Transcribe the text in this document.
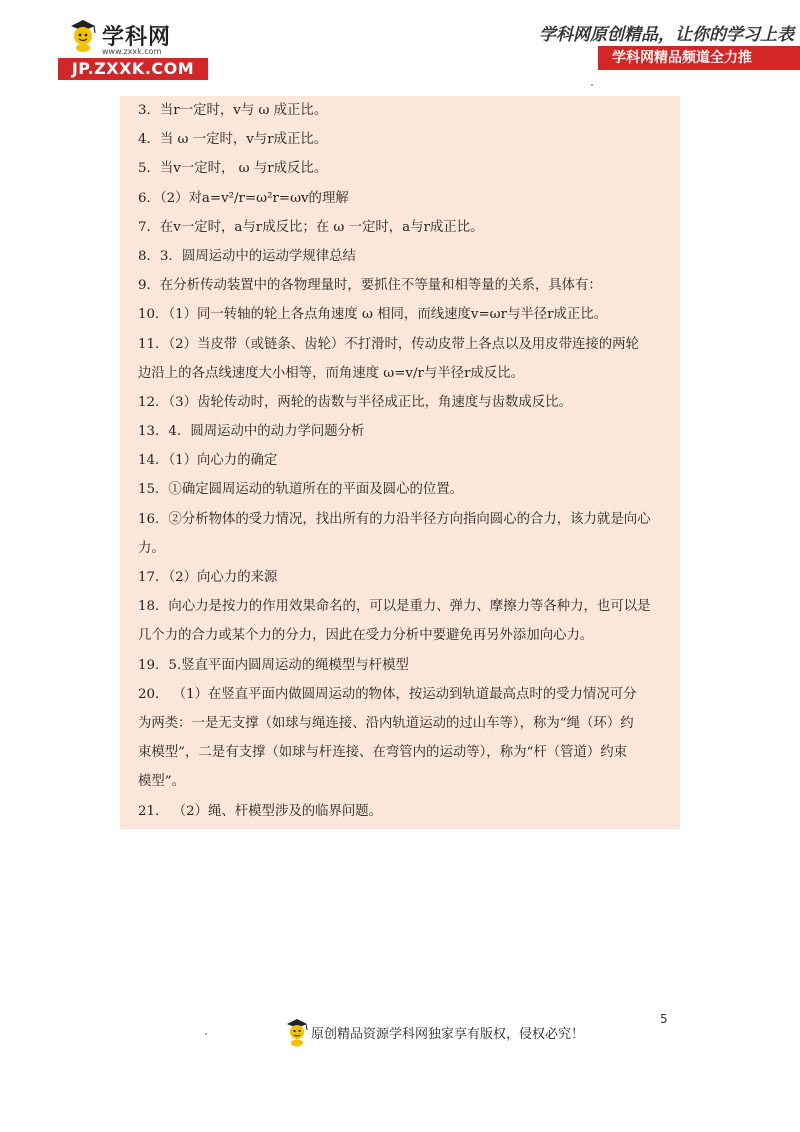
学科网
www.zxxk.com
JP.ZXXK.COM
学科网原创精品，让你的学习上表
学科网精品频道全力推
3．当r一定时，v与 ω 成正比。
4．当 ω 一定时，v与r成正比。
5．当v一定时， ω 与r成反比。
6．（2）对a=v²/r=ω²r=ωv的理解
7．在v一定时，a与r成反比；在 ω 一定时，a与r成正比。
8．3．圆周运动中的运动学规律总结
9．在分析传动装置中的各物理量时，要抓住不等量和相等量的关系，具体有：
10．（1）同一转轴的轮上各点角速度 ω 相同，而线速度v=ωr与半径r成正比。
11．（2）当皮带（或链条、齿轮）不打滑时，传动皮带上各点以及用皮带连接的两轮
边沿上的各点线速度大小相等，而角速度 ω=v/r与半径r成反比。
12．（3）齿轮传动时，两轮的齿数与半径成正比，角速度与齿数成反比。
13．4．圆周运动中的动力学问题分析
14．（1）向心力的确定
15．①确定圆周运动的轨道所在的平面及圆心的位置。
16．②分析物体的受力情况，找出所有的力沿半径方向指向圆心的合力，该力就是向心
力。
17．（2）向心力的来源
18．向心力是按力的作用效果命名的，可以是重力、弹力、摩擦力等各种力，也可以是
几个力的合力或某个力的分力，因此在受力分析中要避免再另外添加向心力。
19．5.竖直平面内圆周运动的绳模型与杆模型
20． （1）在竖直平面内做圆周运动的物体，按运动到轨道最高点时的受力情况可分
为两类：一是无支撑（如球与绳连接、沿内轨道运动的过山车等），称为“绳（环）约
束模型”，二是有支撑（如球与杆连接、在弯管内的运动等），称为“杆（管道）约束
模型”。
21． （2）绳、杆模型涉及的临界问题。
5
原创精品资源学科网独家享有版权，侵权必究！
